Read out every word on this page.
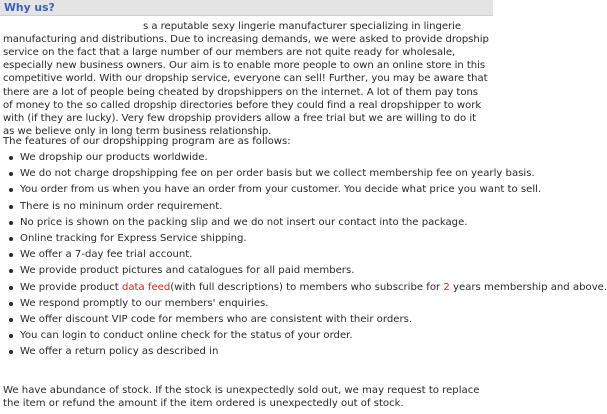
Why us?
s a reputable sexy lingerie manufacturer specializing in lingerie manufacturing and distributions. Due to increasing demands, we were asked to provide dropship service on the fact that a large number of our members are not quite ready for wholesale, especially new business owners. Our aim is to enable more people to own an online store in this competitive world. With our dropship service, everyone can sell! Further, you may be aware that there are a lot of people being cheated by dropshippers on the internet. A lot of them pay tons of money to the so called dropship directories before they could find a real dropshipper to work with (if they are lucky). Very few dropship providers allow a free trial but we are willing to do it as we believe only in long term business relationship.
The features of our dropshipping program are as follows:
We dropship our products worldwide.
We do not charge dropshipping fee on per order basis but we collect membership fee on yearly basis.
You order from us when you have an order from your customer. You decide what price you want to sell.
There is no mininum order requirement.
No price is shown on the packing slip and we do not insert our contact into the package.
Online tracking for Express Service shipping.
We offer a 7-day fee trial account.
We provide product pictures and catalogues for all paid members.
We provide product data feed(with full descriptions) to members who subscribe for 2 years membership and above.
We respond promptly to our members' enquiries.
We offer discount VIP code for members who are consistent with their orders.
You can login to conduct online check for the status of your order.
We offer a return policy as described in
We have abundance of stock. If the stock is unexpectedly sold out, we may request to replace the item or refund the amount if the item ordered is unexpectedly out of stock.
